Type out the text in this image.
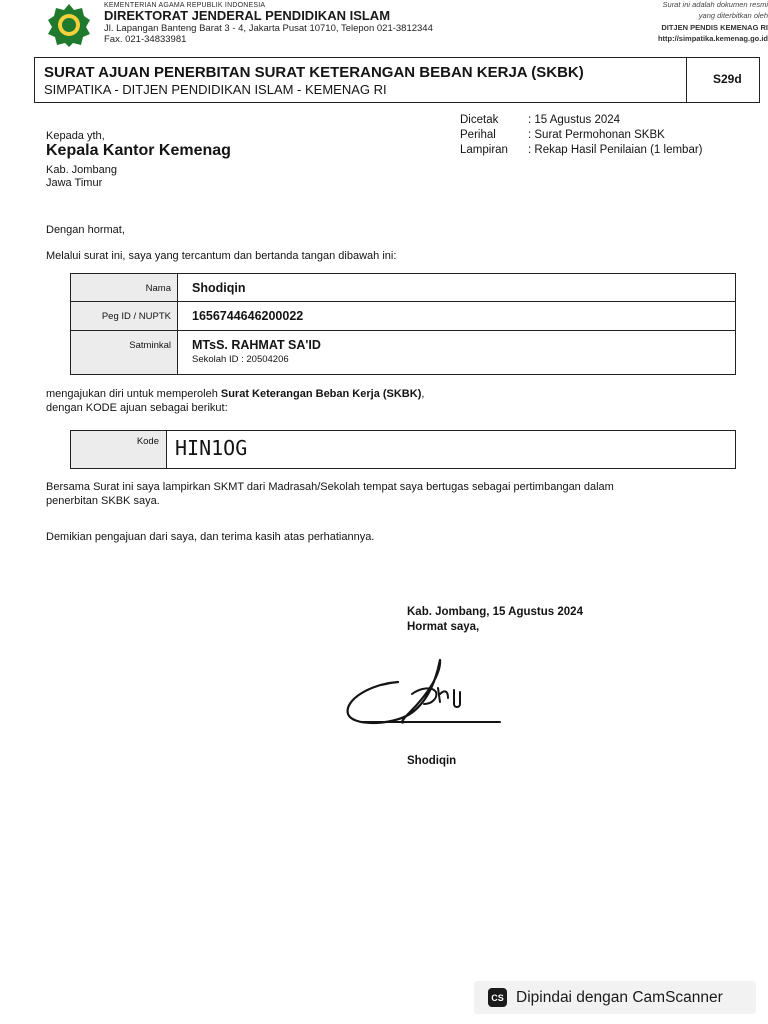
KEMENTERIAN AGAMA REPUBLIK INDONESIA
DIREKTORAT JENDERAL PENDIDIKAN ISLAM
Jl. Lapangan Banteng Barat 3 - 4, Jakarta Pusat 10710, Telepon 021-3812344
Fax. 021-34833981
Surat ini adalah dokumen resmi
yang diterbitkan oleh
DITJEN PENDIS KEMENAG RI
http://simpatika.kemenag.go.id
SURAT AJUAN PENERBITAN SURAT KETERANGAN BEBAN KERJA (SKBK)
SIMPATIKA - DITJEN PENDIDIKAN ISLAM - KEMENAG RI
S29d
Dicetak	: 15 Agustus 2024
Perihal	: Surat Permohonan SKBK
Lampiran	: Rekap Hasil Penilaian (1 lembar)
Kepada yth,
Kepala Kantor Kemenag
Kab. Jombang
Jawa Timur
Dengan hormat,
Melalui surat ini, saya yang tercantum dan bertanda tangan dibawah ini:
Nama	Shodiqin
Peg ID / NUPTK	1656744646200022
Satminkal	MTsS. RAHMAT SA'ID
Sekolah ID : 20504206
mengajukan diri untuk memperoleh Surat Keterangan Beban Kerja (SKBK),
dengan KODE ajuan sebagai berikut:
Kode HIN1OG
Bersama Surat ini saya lampirkan SKMT dari Madrasah/Sekolah tempat saya bertugas sebagai pertimbangan dalam
penerbitan SKBK saya.
Demikian pengajuan dari saya, dan terima kasih atas perhatiannya.
Kab. Jombang, 15 Agustus 2024
Hormat saya,
Shodiqin
CS Dipindai dengan CamScanner
